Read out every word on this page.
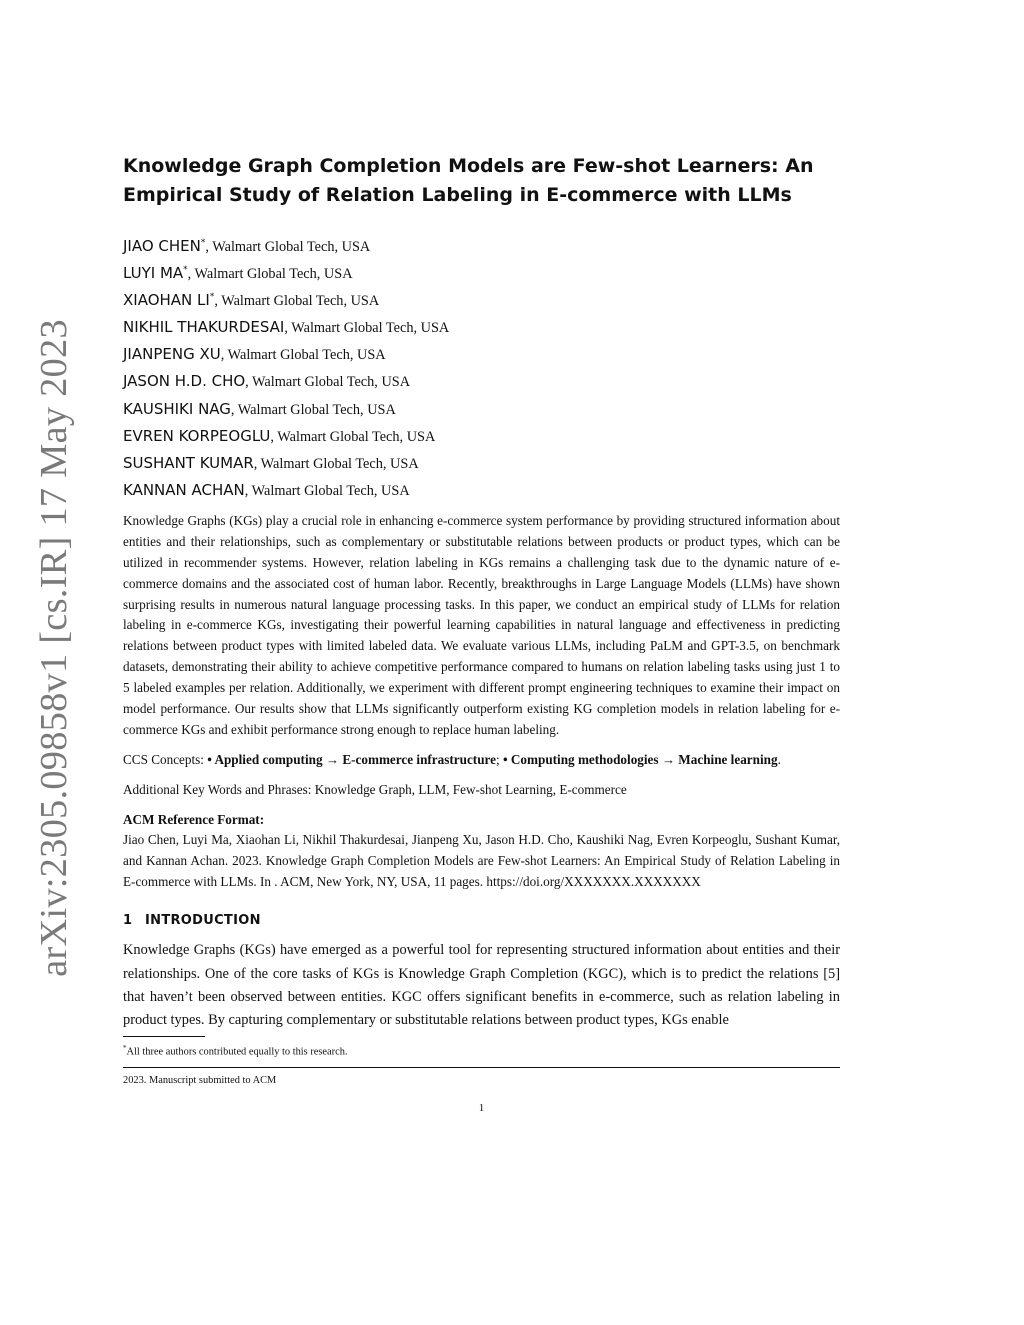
arXiv:2305.09858v1 [cs.IR] 17 May 2023
Knowledge Graph Completion Models are Few-shot Learners: An Empirical Study of Relation Labeling in E-commerce with LLMs
JIAO CHEN*, Walmart Global Tech, USA
LUYI MA*, Walmart Global Tech, USA
XIAOHAN LI*, Walmart Global Tech, USA
NIKHIL THAKURDESAI, Walmart Global Tech, USA
JIANPENG XU, Walmart Global Tech, USA
JASON H.D. CHO, Walmart Global Tech, USA
KAUSHIKI NAG, Walmart Global Tech, USA
EVREN KORPEOGLU, Walmart Global Tech, USA
SUSHANT KUMAR, Walmart Global Tech, USA
KANNAN ACHAN, Walmart Global Tech, USA

Knowledge Graphs (KGs) play a crucial role in enhancing e-commerce system performance by providing structured information about entities and their relationships, such as complementary or substitutable relations between products or product types, which can be utilized in recommender systems. However, relation labeling in KGs remains a challenging task due to the dynamic nature of e-commerce domains and the associated cost of human labor. Recently, breakthroughs in Large Language Models (LLMs) have shown surprising results in numerous natural language processing tasks. In this paper, we conduct an empirical study of LLMs for relation labeling in e-commerce KGs, investigating their powerful learning capabilities in natural language and effectiveness in predicting relations between product types with limited labeled data. We evaluate various LLMs, including PaLM and GPT-3.5, on benchmark datasets, demonstrating their ability to achieve competitive performance compared to humans on relation labeling tasks using just 1 to 5 labeled examples per relation. Additionally, we experiment with different prompt engineering techniques to examine their impact on model performance. Our results show that LLMs significantly outperform existing KG completion models in relation labeling for e-commerce KGs and exhibit performance strong enough to replace human labeling.

CCS Concepts: • Applied computing → E-commerce infrastructure; • Computing methodologies → Machine learning.

Additional Key Words and Phrases: Knowledge Graph, LLM, Few-shot Learning, E-commerce

ACM Reference Format:

Jiao Chen, Luyi Ma, Xiaohan Li, Nikhil Thakurdesai, Jianpeng Xu, Jason H.D. Cho, Kaushiki Nag, Evren Korpeoglu, Sushant Kumar, and Kannan Achan. 2023. Knowledge Graph Completion Models are Few-shot Learners: An Empirical Study of Relation Labeling in E-commerce with LLMs. In . ACM, New York, NY, USA, 11 pages. https://doi.org/XXXXXXX.XXXXXXX

1 INTRODUCTION

Knowledge Graphs (KGs) have emerged as a powerful tool for representing structured information about entities and their relationships. One of the core tasks of KGs is Knowledge Graph Completion (KGC), which is to predict the relations [5] that haven’t been observed between entities. KGC offers significant benefits in e-commerce, such as relation labeling in product types. By capturing complementary or substitutable relations between product types, KGs enable

*All three authors contributed equally to this research.

2023. Manuscript submitted to ACM

1
